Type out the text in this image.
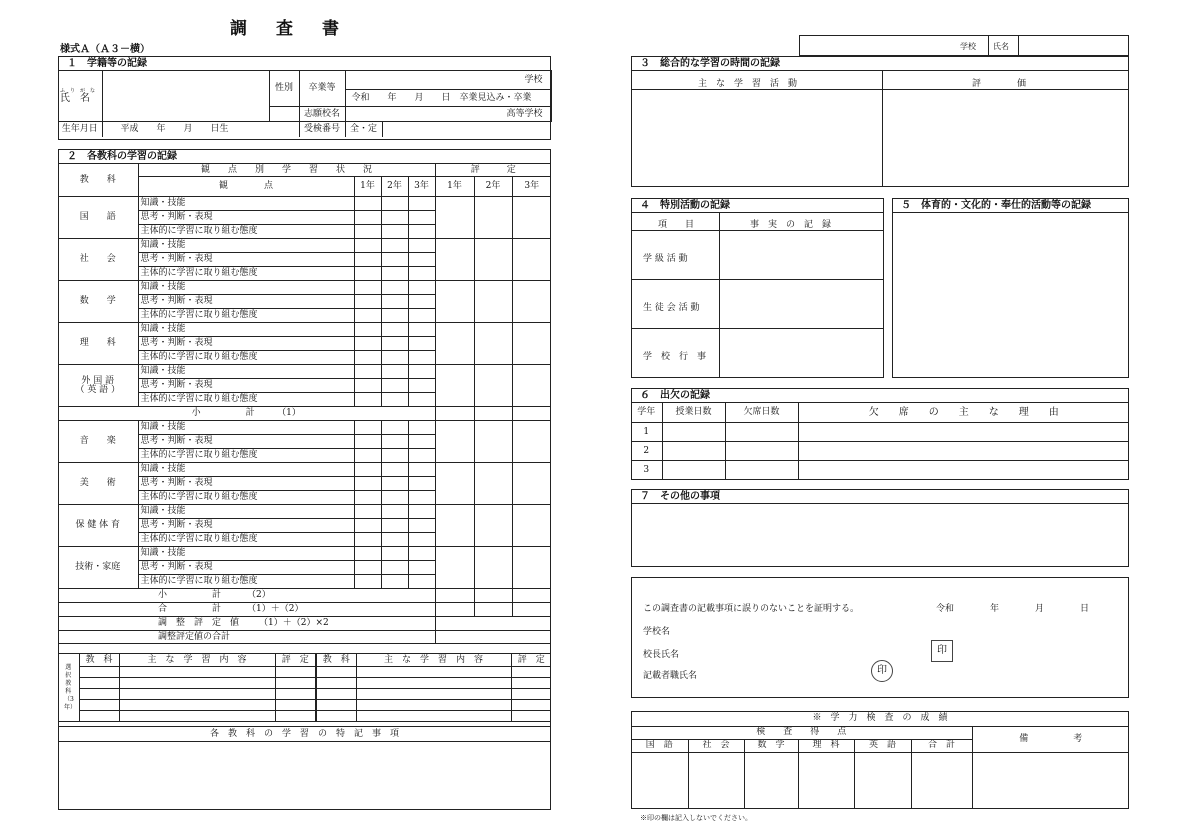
調　査　書
様式Ａ（Ａ３－横）	学校 氏名
１　学籍等の記録
ふ　り　が　な
氏　名		性別	卒業等	学校
				令和　　年　　月　　日　卒業見込み・卒業
			志願校名	高等学校
生年月日	平成　　年　　月　　日生		受検番号	全・定
２　各教科の学習の記録
教　　科	観　　点　　別　　学　　習　　状　　況				評　　　定		
	観　　　　点	1年	2年	3年	1年	2年	3年
国　　語	知識・技能						
	思考・判断・表現						
	主体的に学習に取り組む態度						
社　　会	知識・技能						
	思考・判断・表現						
	主体的に学習に取り組む態度						
数　　学	知識・技能						
	思考・判断・表現						
	主体的に学習に取り組む態度						
理　　科	知識・技能						
	思考・判断・表現						
	主体的に学習に取り組む態度						

外 国 語
（ 英 語 ）	知識・技能						
	思考・判断・表現						
	主体的に学習に取り組む態度						
小　　　　　計　　　（1）							
音　　楽	知識・技能						
	思考・判断・表現						
	主体的に学習に取り組む態度						
美　　術	知識・技能						
	思考・判断・表現						
	主体的に学習に取り組む態度						
保 健 体 育	知識・技能						
	思考・判断・表現						
	主体的に学習に取り組む態度						
技術・家庭	知識・技能						
	思考・判断・表現						
	主体的に学習に取り組む態度						
小　　　　　計 （2）							
合　　　　　計 （1）＋（2）							
調　整　評　定　値 （1）＋（2）×2							
調整評定値の合計							
選択教科（3年）	教　科	主　な　学　習　内　容	評　定	教　科	主　な　学　習　内　容	評　定

各　教　科　の　学　習　の　特　記　事　項
３　総合的な学習の時間の記録
主　な　学　習　活　動	評　　　　価
４　特別活動の記録
項　　目	事　実　の　記　録
学 級 活 動
生 徒 会 活 動
学　校　行　事
５　体育的・文化的・奉仕的活動等の記録
６　出欠の記録
学年	授業日数	欠席日数	欠　　席　　の　　主　　な　　理　　由
1			
2			
3			
７　その他の事項
この調査書の記載事項に誤りのないことを証明する。	令和　　　　年　　　　月　　　　日
学校名
校長氏名	印
記載者職氏名	印
※　学　力　検　査　の　成　績						
検　　査　　得　　点						備　　　　　考
国　語	社　会	数　学	理　科	英　語	合　計	

※印の欄は記入しないでください。
